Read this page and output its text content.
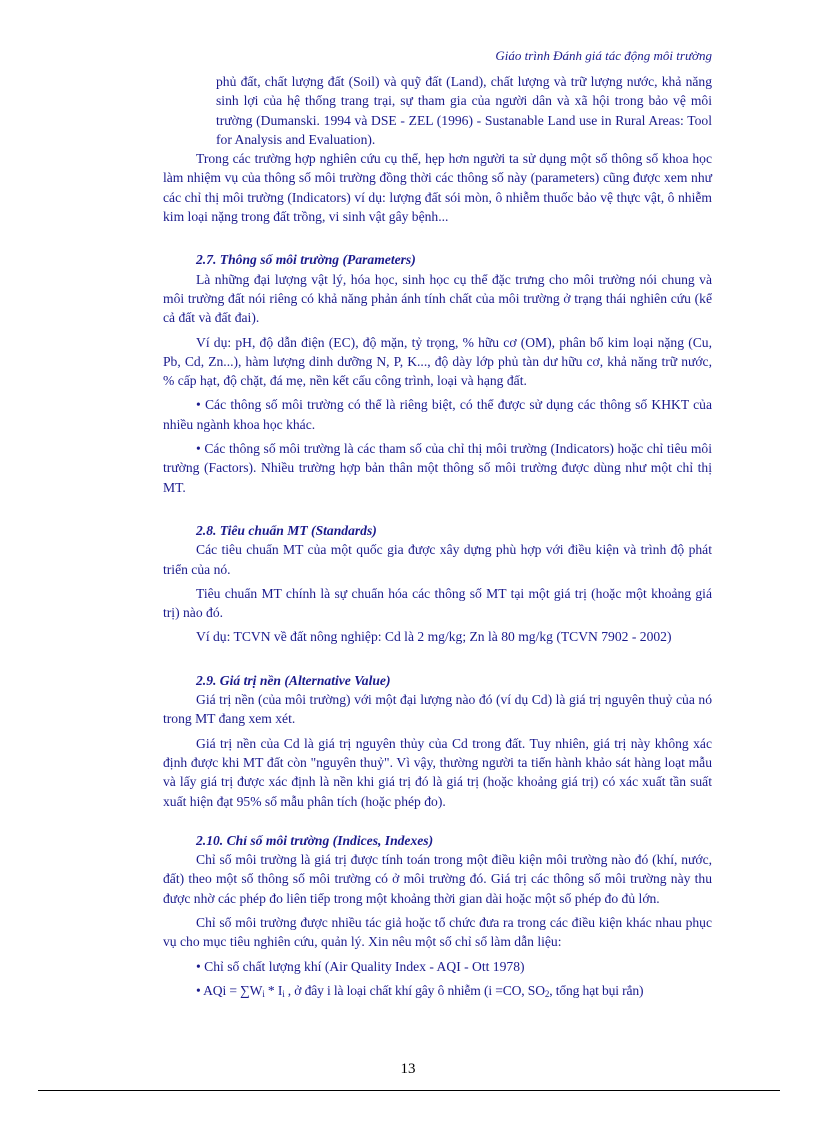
Giáo trình Đánh giá tác động môi trường

phủ đất, chất lượng đất (Soil) và quỹ đất (Land), chất lượng và trữ lượng nước, khả năng sinh lợi của hệ thống trang trại, sự tham gia của người dân và xã hội trong bảo vệ môi trường (Dumanski. 1994 và DSE - ZEL (1996) - Sustanable Land use in Rural Areas: Tool for Analysis and Evaluation).

Trong các trường hợp nghiên cứu cụ thể, hẹp hơn người ta sử dụng một số thông số khoa học làm nhiệm vụ của thông số môi trường đồng thời các thông số này (parameters) cũng được xem như các chỉ thị môi trường (Indicators) ví dụ: lượng đất sói mòn, ô nhiễm thuốc bảo vệ thực vật, ô nhiễm kim loại nặng trong đất trồng, vi sinh vật gây bệnh...

2.7. Thông số môi trường (Parameters)

Là những đại lượng vật lý, hóa học, sinh học cụ thể đặc trưng cho môi trường nói chung và môi trường đất nói riêng có khả năng phản ánh tính chất của môi trường ở trạng thái nghiên cứu (kể cả đất và đất đai).

Ví dụ: pH, độ dẫn điện (EC), độ mặn, tỷ trọng, % hữu cơ (OM), phân bố kim loại nặng (Cu, Pb, Cd, Zn...), hàm lượng dinh dưỡng N, P, K..., độ dày lớp phủ tàn dư hữu cơ, khả năng trữ nước, % cấp hạt, độ chặt, đá mẹ, nền kết cấu công trình, loại và hạng đất.

• Các thông số môi trường có thể là riêng biệt, có thể được sử dụng các thông số KHKT của nhiều ngành khoa học khác.

• Các thông số môi trường là các tham số của chỉ thị môi trường (Indicators) hoặc chỉ tiêu môi trường (Factors). Nhiều trường hợp bản thân một thông số môi trường được dùng như một chỉ thị MT.

2.8. Tiêu chuẩn MT (Standards)

Các tiêu chuẩn MT của một quốc gia được xây dựng phù hợp với điều kiện và trình độ phát triển của nó.

Tiêu chuẩn MT chính là sự chuẩn hóa các thông số MT tại một giá trị (hoặc một khoảng giá trị) nào đó.

Ví dụ: TCVN về đất nông nghiệp: Cd là 2 mg/kg; Zn là 80 mg/kg (TCVN 7902 - 2002)

2.9. Giá trị nền (Alternative Value)

Giá trị nền (của môi trường) với một đại lượng nào đó (ví dụ Cd) là giá trị nguyên thuỷ của nó trong MT đang xem xét.

Giá trị nền của Cd là giá trị nguyên thủy của Cd trong đất. Tuy nhiên, giá trị này không xác định được khi MT đất còn "nguyên thuỷ". Vì vậy, thường người ta tiến hành khảo sát hàng loạt mẫu và lấy giá trị được xác định là nền khi giá trị đó là giá trị (hoặc khoảng giá trị) có xác xuất tần suất xuất hiện đạt 95% số mẫu phân tích (hoặc phép đo).

2.10. Chỉ số môi trường (Indices, Indexes)

Chỉ số môi trường là giá trị được tính toán trong một điều kiện môi trường nào đó (khí, nước, đất) theo một số thông số môi trường có ở môi trường đó. Giá trị các thông số môi trường này thu được nhờ các phép đo liên tiếp trong một khoảng thời gian dài hoặc một số phép đo đủ lớn.

Chỉ số môi trường được nhiều tác giả hoặc tổ chức đưa ra trong các điều kiện khác nhau phục vụ cho mục tiêu nghiên cứu, quản lý. Xin nêu một số chỉ số làm dẫn liệu:

• Chỉ số chất lượng khí (Air Quality Index - AQI - Ott 1978)

• AQi = $\sum W_i * I_i$ , ở đây i là loại chất khí gây ô nhiễm (i =CO, $SO_2$, tổng hạt bụi rắn)

13
